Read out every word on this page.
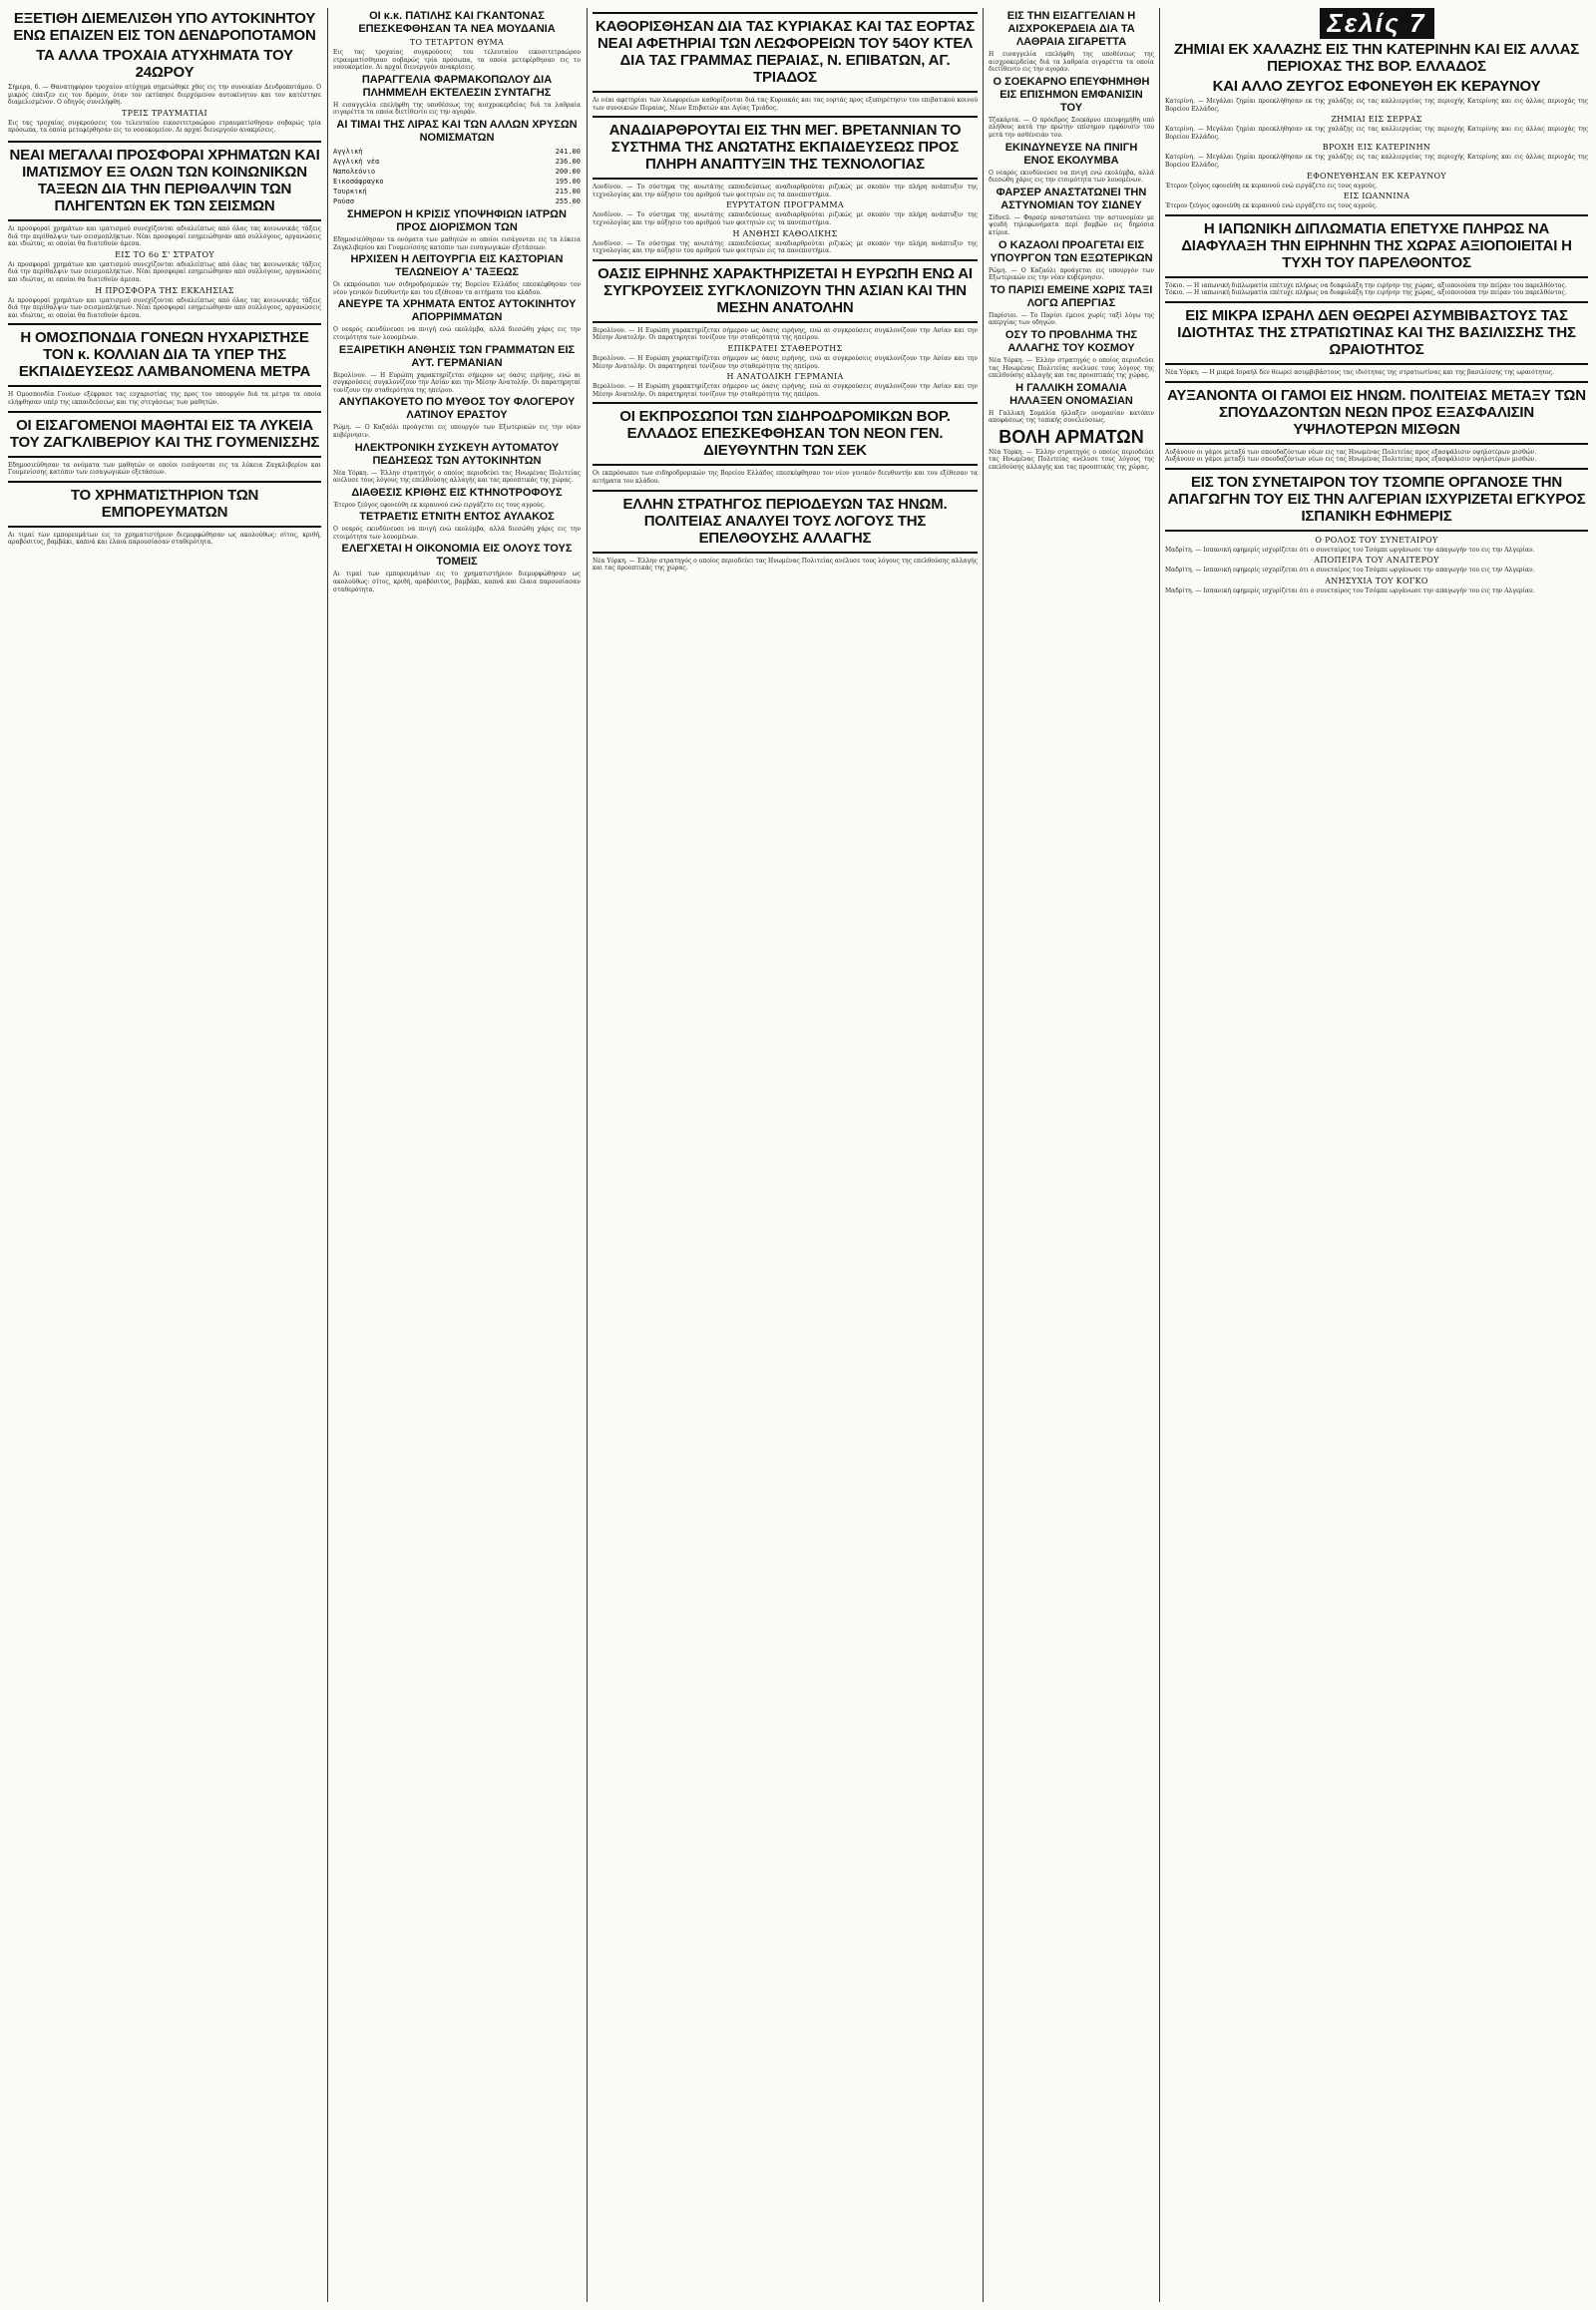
ΕΞΕΤΙΘΗ ΔΙΕΜΕΛΙΣΘΗ ΥΠΟ ΑΥΤΟΚΙΝΗΤΟΥ ΕΝΩ ΕΠΑΙΖΕΝ ΕΙΣ ΤΟΝ ΔΕΝΔΡΟΠΟΤΑΜΟΝ
ΤΑ ΑΛΛΑ ΤΡΟΧΑΙΑ ΑΤΥΧΗΜΑΤΑ ΤΟΥ 24ΩΡΟΥ

Σήμερα, 6. — Θανατηφόρον τροχαίον ατύχημα σημειώθηκε χθες εις την συνοικίαν Δενδροποτάμου. Ο μικρός έπαιζεν εις τον δρόμον, όταν τον εκτύπησε διερχόμενον αυτοκίνητον και τον κατέστησε διαμελισμένον. Ο οδηγός συνελήφθη.

ΤΡΕΙΣ ΤΡΑΥΜΑΤΙΑΙ

Εις τας τροχαίας συγκρούσεις του τελευταίου εικοσιτετραώρου ετραυματίσθησαν σοβαρώς τρία πρόσωπα, τα οποία μετεφέρθησαν εις το νοσοκομείον. Αι αρχαί διενεργούν ανακρίσεις.

ΝΕΑΙ ΜΕΓΑΛΑΙ ΠΡΟΣΦΟΡΑΙ ΧΡΗΜΑΤΩΝ ΚΑΙ ΙΜΑΤΙΣΜΟΥ ΕΞ ΟΛΩΝ ΤΩΝ ΚΟΙΝΩΝΙΚΩΝ ΤΑΞΕΩΝ ΔΙΑ ΤΗΝ ΠΕΡΙΘΑΛΨΙΝ ΤΩΝ ΠΛΗΓΕΝΤΩΝ ΕΚ ΤΩΝ ΣΕΙΣΜΩΝ

Αι προσφοραί χρημάτων και ιματισμού συνεχίζονται αδιαλείπτως από όλας τας κοινωνικάς τάξεις διά την περίθαλψιν των σεισμοπλήκτων. Νέαι προσφοραί εσημειώθησαν από συλλόγους, οργανώσεις και ιδιώτας, αι οποίαι θα διατεθούν άμεσα.

ΕΙΣ ΤΟ 6ο Σ' ΣΤΡΑΤΟΥ

Αι προσφοραί χρημάτων και ιματισμού συνεχίζονται αδιαλείπτως από όλας τας κοινωνικάς τάξεις διά την περίθαλψιν των σεισμοπλήκτων. Νέαι προσφοραί εσημειώθησαν από συλλόγους, οργανώσεις και ιδιώτας, αι οποίαι θα διατεθούν άμεσα.

Η ΠΡΟΣΦΟΡΑ ΤΗΣ ΕΚΚΛΗΣΙΑΣ

Αι προσφοραί χρημάτων και ιματισμού συνεχίζονται αδιαλείπτως από όλας τας κοινωνικάς τάξεις διά την περίθαλψιν των σεισμοπλήκτων. Νέαι προσφοραί εσημειώθησαν από συλλόγους, οργανώσεις και ιδιώτας, αι οποίαι θα διατεθούν άμεσα.

Η ΟΜΟΣΠΟΝΔΙΑ ΓΟΝΕΩΝ ΗΥΧΑΡΙΣΤΗΣΕ ΤΟΝ κ. ΚΟΛΛΙΑΝ ΔΙΑ ΤΑ ΥΠΕΡ ΤΗΣ ΕΚΠΑΙΔΕΥΣΕΩΣ ΛΑΜΒΑΝΟΜΕΝΑ ΜΕΤΡΑ

Η Ομοσπονδία Γονέων εξέφρασε τας ευχαριστίας της προς τον υπουργόν διά τα μέτρα τα οποία ελήφθησαν υπέρ της εκπαιδεύσεως και της στεγάσεως των μαθητών.

ΟΙ ΕΙΣΑΓΟΜΕΝΟΙ ΜΑΘΗΤΑΙ ΕΙΣ ΤΑ ΛΥΚΕΙΑ ΤΟΥ ΖΑΓΚΛΙΒΕΡΙΟΥ ΚΑΙ ΤΗΣ ΓΟΥΜΕΝΙΣΣΗΣ

Εδημοσιεύθησαν τα ονόματα των μαθητών οι οποίοι εισάγονται εις τα λύκεια Ζαγκλιβερίου και Γουμενίσσης κατόπιν των εισαγωγικών εξετάσεων.

ΤΟ ΧΡΗΜΑΤΙΣΤΗΡΙΟΝ ΤΩΝ ΕΜΠΟΡΕΥΜΑΤΩΝ

Αι τιμαί των εμπορευμάτων εις το χρηματιστήριον διεμορφώθησαν ως ακολούθως: σίτος, κριθή, αραβόσιτος, βαμβάκι, καπνά και έλαια παρουσίασαν σταθερότητα.

ΟΙ κ.κ. ΠΑΤΙΛΗΣ ΚΑΙ ΓΚΑΝΤΟΝΑΣ ΕΠΕΣΚΕΦΘΗΣΑΝ ΤΑ ΝΕΑ ΜΟΥΔΑΝΙΑ
ΤΟ ΤΕΤΑΡΤΟΝ ΘΥΜΑ

Εις τας τροχαίας συγκρούσεις του τελευταίου εικοσιτετραώρου ετραυματίσθησαν σοβαρώς τρία πρόσωπα, τα οποία μετεφέρθησαν εις το νοσοκομείον. Αι αρχαί διενεργούν ανακρίσεις.

ΠΑΡΑΓΓΕΛΙΑ ΦΑΡΜΑΚΟΠΩΛΟΥ ΔΙΑ ΠΛΗΜΜΕΛΗ ΕΚΤΕΛΕΣΙΝ ΣΥΝΤΑΓΗΣ

Η εισαγγελία επελήφθη της υποθέσεως της αισχροκερδείας διά τα λαθραία σιγαρέττα τα οποία διετίθεντο εις την αγοράν.

ΑΙ ΤΙΜΑΙ ΤΗΣ ΛΙΡΑΣ ΚΑΙ ΤΩΝ ΑΛΛΩΝ ΧΡΥΣΩΝ ΝΟΜΙΣΜΑΤΩΝ
Αγγλική	241.00
Αγγλική νέα	236.00
Ναπολεόνιο	200.00
Εικοσάφραγκο	195.00
Τουρκική	215.00
Ρούσσ	255.00
ΣΗΜΕΡΟΝ Η ΚΡΙΣΙΣ ΥΠΟΨΗΦΙΩΝ ΙΑΤΡΩΝ ΠΡΟΣ ΔΙΟΡΙΣΜΟΝ ΤΩΝ

Εδημοσιεύθησαν τα ονόματα των μαθητών οι οποίοι εισάγονται εις τα λύκεια Ζαγκλιβερίου και Γουμενίσσης κατόπιν των εισαγωγικών εξετάσεων.

ΗΡΧΙΣΕΝ Η ΛΕΙΤΟΥΡΓΙΑ ΕΙΣ ΚΑΣΤΟΡΙΑΝ ΤΕΛΩΝΕΙΟΥ Α' ΤΑΞΕΩΣ

Οι εκπρόσωποι των σιδηροδρομικών της Βορείου Ελλάδος επεσκέφθησαν τον νέον γενικόν διευθυντήν και του εξέθεσαν τα αιτήματα του κλάδου.

ΑΝΕΥΡΕ ΤΑ ΧΡΗΜΑΤΑ ΕΝΤΟΣ ΑΥΤΟΚΙΝΗΤΟΥ ΑΠΟΡΡΙΜΜΑΤΩΝ

Ο νεαρός εκινδύνευσε να πνιγή ενώ εκολύμβα, αλλά διεσώθη χάρις εις την ετοιμότητα των λουομένων.

ΕΞΑΙΡΕΤΙΚΗ ΑΝΘΗΣΙΣ ΤΩΝ ΓΡΑΜΜΑΤΩΝ ΕΙΣ ΑΥΤ. ΓΕΡΜΑΝΙΑΝ

Βερολίνον. — Η Ευρώπη χαρακτηρίζεται σήμερον ως όασις ειρήνης, ενώ αι συγκρούσεις συγκλονίζουν την Ασίαν και την Μέσην Ανατολήν. Οι παρατηρηταί τονίζουν την σταθερότητα της ηπείρου.

ΑΝΥΠΑΚΟΥΕΤΟ ΠΟ ΜΥΘΟΣ ΤΟΥ ΦΛΟΓΕΡΟΥ ΛΑΤΙΝΟΥ ΕΡΑΣΤΟΥ

Ρώμη. — Ο Καζαόλι προάγεται εις υπουργόν των Εξωτερικών εις την νέαν κυβέρνησιν.

ΗΛΕΚΤΡΟΝΙΚΗ ΣΥΣΚΕΥΗ ΑΥΤΟΜΑΤΟΥ ΠΕΔΗΣΕΩΣ ΤΩΝ ΑΥΤΟΚΙΝΗΤΩΝ

Νέα Υόρκη. — Έλλην στρατηγός ο οποίος περιοδεύει τας Ηνωμένας Πολιτείας ανέλυσε τους λόγους της επελθούσης αλλαγής και τας προοπτικάς της χώρας.

ΔΙΑΘΕΣΙΣ ΚΡΙΘΗΣ ΕΙΣ ΚΤΗΝΟΤΡΟΦΟΥΣ

Έτερον ζεύγος εφονεύθη εκ κεραυνού ενώ ειργάζετο εις τους αγρούς.

ΤΕΤΡΑΕΤΙΣ ΕΤΝΙΤΗ ΕΝΤΟΣ ΑΥΛΑΚΟΣ

Ο νεαρός εκινδύνευσε να πνιγή ενώ εκολύμβα, αλλά διεσώθη χάρις εις την ετοιμότητα των λουομένων.

ΕΛΕΓΧΕΤΑΙ Η ΟΙΚΟΝΟΜΙΑ ΕΙΣ ΟΛΟΥΣ ΤΟΥΣ ΤΟΜΕΙΣ

Αι τιμαί των εμπορευμάτων εις το χρηματιστήριον διεμορφώθησαν ως ακολούθως: σίτος, κριθή, αραβόσιτος, βαμβάκι, καπνά και έλαια παρουσίασαν σταθερότητα.

ΚΑΘΟΡΙΣΘΗΣΑΝ ΔΙΑ ΤΑΣ ΚΥΡΙΑΚΑΣ ΚΑΙ ΤΑΣ ΕΟΡΤΑΣ ΝΕΑΙ ΑΦΕΤΗΡΙΑΙ ΤΩΝ ΛΕΩΦΟΡΕΙΩΝ ΤΟΥ 54ΟΥ ΚΤΕΛ ΔΙΑ ΤΑΣ ΓΡΑΜΜΑΣ ΠΕΡΑΙΑΣ, Ν. ΕΠΙΒΑΤΩΝ, ΑΓ. ΤΡΙΑΔΟΣ

Αι νέαι αφετηρίαι των λεωφορείων καθορίζονται διά τας Κυριακάς και τας εορτάς προς εξυπηρέτησιν του επιβατικού κοινού των συνοικιών Περαίας, Νέων Επιβατών και Αγίας Τριάδος.

ΑΝΑΔΙΑΡΘΡΟΥΤΑΙ ΕΙΣ ΤΗΝ ΜΕΓ. ΒΡΕΤΑΝΝΙΑΝ ΤΟ ΣΥΣΤΗΜΑ ΤΗΣ ΑΝΩΤΑΤΗΣ ΕΚΠΑΙΔΕΥΣΕΩΣ ΠΡΟΣ ΠΛΗΡΗ ΑΝΑΠΤΥΞΙΝ ΤΗΣ ΤΕΧΝΟΛΟΓΙΑΣ

Λονδίνον. — Το σύστημα της ανωτάτης εκπαιδεύσεως αναδιαρθρούται ριζικώς με σκοπόν την πλήρη ανάπτυξιν της τεχνολογίας και την αύξησιν του αριθμού των φοιτητών εις τα πανεπιστήμια.

ΕΥΡΥΤΑΤΟΝ ΠΡΟΓΡΑΜΜΑ

Λονδίνον. — Το σύστημα της ανωτάτης εκπαιδεύσεως αναδιαρθρούται ριζικώς με σκοπόν την πλήρη ανάπτυξιν της τεχνολογίας και την αύξησιν του αριθμού των φοιτητών εις τα πανεπιστήμια.

Η ΑΝΘΗΣΙ ΚΑΘΟΛΙΚΗΣ

Λονδίνον. — Το σύστημα της ανωτάτης εκπαιδεύσεως αναδιαρθρούται ριζικώς με σκοπόν την πλήρη ανάπτυξιν της τεχνολογίας και την αύξησιν του αριθμού των φοιτητών εις τα πανεπιστήμια.

ΟΑΣΙΣ ΕΙΡΗΝΗΣ ΧΑΡΑΚΤΗΡΙΖΕΤΑΙ Η ΕΥΡΩΠΗ ΕΝΩ ΑΙ ΣΥΓΚΡΟΥΣΕΙΣ ΣΥΓΚΛΟΝΙΖΟΥΝ ΤΗΝ ΑΣΙΑΝ ΚΑΙ ΤΗΝ ΜΕΣΗΝ ΑΝΑΤΟΛΗΝ

Βερολίνον. — Η Ευρώπη χαρακτηρίζεται σήμερον ως όασις ειρήνης, ενώ αι συγκρούσεις συγκλονίζουν την Ασίαν και την Μέσην Ανατολήν. Οι παρατηρηταί τονίζουν την σταθερότητα της ηπείρου.

ΕΠΙΚΡΑΤΕΙ ΣΤΑΘΕΡΟΤΗΣ

Βερολίνον. — Η Ευρώπη χαρακτηρίζεται σήμερον ως όασις ειρήνης, ενώ αι συγκρούσεις συγκλονίζουν την Ασίαν και την Μέσην Ανατολήν. Οι παρατηρηταί τονίζουν την σταθερότητα της ηπείρου.

Η ΑΝΑΤΟΛΙΚΗ ΓΕΡΜΑΝΙΑ

Βερολίνον. — Η Ευρώπη χαρακτηρίζεται σήμερον ως όασις ειρήνης, ενώ αι συγκρούσεις συγκλονίζουν την Ασίαν και την Μέσην Ανατολήν. Οι παρατηρηταί τονίζουν την σταθερότητα της ηπείρου.

ΟΙ ΕΚΠΡΟΣΩΠΟΙ ΤΩΝ ΣΙΔΗΡΟΔΡΟΜΙΚΩΝ ΒΟΡ. ΕΛΛΑΔΟΣ ΕΠΕΣΚΕΦΘΗΣΑΝ ΤΟΝ ΝΕΟΝ ΓΕΝ. ΔΙΕΥΘΥΝΤΗΝ ΤΩΝ ΣΕΚ

Οι εκπρόσωποι των σιδηροδρομικών της Βορείου Ελλάδος επεσκέφθησαν τον νέον γενικόν διευθυντήν και του εξέθεσαν τα αιτήματα του κλάδου.

ΕΛΛΗΝ ΣΤΡΑΤΗΓΟΣ ΠΕΡΙΟΔΕΥΩΝ ΤΑΣ ΗΝΩΜ. ΠΟΛΙΤΕΙΑΣ ΑΝΑΛΥΕΙ ΤΟΥΣ ΛΟΓΟΥΣ ΤΗΣ ΕΠΕΛΘΟΥΣΗΣ ΑΛΛΑΓΗΣ

Νέα Υόρκη. — Έλλην στρατηγός ο οποίος περιοδεύει τας Ηνωμένας Πολιτείας ανέλυσε τους λόγους της επελθούσης αλλαγής και τας προοπτικάς της χώρας.

ΕΙΣ ΤΗΝ ΕΙΣΑΓΓΕΛΙΑΝ Η ΑΙΣΧΡΟΚΕΡΔΕΙΑ ΔΙΑ ΤΑ ΛΑΘΡΑΙΑ ΣΙΓΑΡΕΤΤΑ

Η εισαγγελία επελήφθη της υποθέσεως της αισχροκερδείας διά τα λαθραία σιγαρέττα τα οποία διετίθεντο εις την αγοράν.

Ο ΣΟΕΚΑΡΝΟ ΕΠΕΥΦΗΜΗΘΗ ΕΙΣ ΕΠΙΣΗΜΟΝ ΕΜΦΑΝΙΣΙΝ ΤΟΥ

Τζακάρτα. — Ο πρόεδρος Σοεκάρνο επευφημήθη υπό πλήθους κατά την πρώτην επίσημον εμφάνισίν του μετά την ασθένειάν του.

ΕΚΙΝΔΥΝΕΥΣΕ ΝΑ ΠΝΙΓΗ ΕΝΟΣ ΕΚΟΛΥΜΒΑ

Ο νεαρός εκινδύνευσε να πνιγή ενώ εκολύμβα, αλλά διεσώθη χάρις εις την ετοιμότητα των λουομένων.

ΦΑΡΣΕΡ ΑΝΑΣΤΑΤΩΝΕΙ ΤΗΝ ΑΣΤΥΝΟΜΙΑΝ ΤΟΥ ΣΙΔΝΕΥ

Σίδνεϋ. — Φαρσέρ αναστατώνει την αστυνομίαν με ψευδή τηλεφωνήματα περί βομβών εις δημόσια κτίρια.

Ο ΚΑΖΑΟΛΙ ΠΡΟΑΓΕΤΑΙ ΕΙΣ ΥΠΟΥΡΓΟΝ ΤΩΝ ΕΞΩΤΕΡΙΚΩΝ

Ρώμη. — Ο Καζαόλι προάγεται εις υπουργόν των Εξωτερικών εις την νέαν κυβέρνησιν.

ΤΟ ΠΑΡΙΣΙ ΕΜΕΙΝΕ ΧΩΡΙΣ ΤΑΞΙ ΛΟΓΩ ΑΠΕΡΓΙΑΣ

Παρίσιοι. — Το Παρίσι έμεινε χωρίς ταξί λόγω της απεργίας των οδηγών.

ΟΣΥ ΤΟ ΠΡΟΒΛΗΜΑ ΤΗΣ ΑΛΛΑΓΗΣ ΤΟΥ ΚΟΣΜΟΥ

Νέα Υόρκη. — Έλλην στρατηγός ο οποίος περιοδεύει τας Ηνωμένας Πολιτείας ανέλυσε τους λόγους της επελθούσης αλλαγής και τας προοπτικάς της χώρας.

Η ΓΑΛΛΙΚΗ ΣΟΜΑΛΙΑ ΗΛΛΑΞΕΝ ΟΝΟΜΑΣΙΑΝ

Η Γαλλική Σομαλία ήλλαξεν ονομασίαν κατόπιν αποφάσεως της τοπικής συνελεύσεως.

ΒΟΛΗ ΑΡΜΑΤΩΝ

Νέα Υόρκη. — Έλλην στρατηγός ο οποίος περιοδεύει τας Ηνωμένας Πολιτείας ανέλυσε τους λόγους της επελθούσης αλλαγής και τας προοπτικάς της χώρας.

Σελίς 7
ΖΗΜΙΑΙ ΕΚ ΧΑΛΑΖΗΣ ΕΙΣ ΤΗΝ ΚΑΤΕΡΙΝΗΝ ΚΑΙ ΕΙΣ ΑΛΛΑΣ ΠΕΡΙΟΧΑΣ ΤΗΣ ΒΟΡ. ΕΛΛΑΔΟΣ
ΚΑΙ ΑΛΛΟ ΖΕΥΓΟΣ ΕΦΟΝΕΥΘΗ ΕΚ ΚΕΡΑΥΝΟΥ

Κατερίνη. — Μεγάλαι ζημίαι προεκλήθησαν εκ της χαλάζης εις τας καλλιεργείας της περιοχής Κατερίνης και εις άλλας περιοχάς της Βορείου Ελλάδος.

ΖΗΜΙΑΙ ΕΙΣ ΣΕΡΡΑΣ

Κατερίνη. — Μεγάλαι ζημίαι προεκλήθησαν εκ της χαλάζης εις τας καλλιεργείας της περιοχής Κατερίνης και εις άλλας περιοχάς της Βορείου Ελλάδος.

ΒΡΟΧΗ ΕΙΣ ΚΑΤΕΡΙΝΗΝ

Κατερίνη. — Μεγάλαι ζημίαι προεκλήθησαν εκ της χαλάζης εις τας καλλιεργείας της περιοχής Κατερίνης και εις άλλας περιοχάς της Βορείου Ελλάδος.

ΕΦΟΝΕΥΘΗΣΑΝ ΕΚ ΚΕΡΑΥΝΟΥ

Έτερον ζεύγος εφονεύθη εκ κεραυνού ενώ ειργάζετο εις τους αγρούς.

ΕΙΣ ΙΩΑΝΝΙΝΑ

Έτερον ζεύγος εφονεύθη εκ κεραυνού ενώ ειργάζετο εις τους αγρούς.

Η ΙΑΠΩΝΙΚΗ ΔΙΠΛΩΜΑΤΙΑ ΕΠΕΤΥΧΕ ΠΛΗΡΩΣ ΝΑ ΔΙΑΦΥΛΑΞΗ ΤΗΝ ΕΙΡΗΝΗΝ ΤΗΣ ΧΩΡΑΣ ΑΞΙΟΠΟΙΕΙΤΑΙ Η ΤΥΧΗ ΤΟΥ ΠΑΡΕΛΘΟΝΤΟΣ

Τόκιο. — Η ιαπωνική διπλωματία επέτυχε πλήρως να διαφυλάξη την ειρήνην της χώρας, αξιοποιούσα την πείραν του παρελθόντος.

Τόκιο. — Η ιαπωνική διπλωματία επέτυχε πλήρως να διαφυλάξη την ειρήνην της χώρας, αξιοποιούσα την πείραν του παρελθόντος.

ΕΙΣ ΜΙΚΡΑ ΙΣΡΑΗΛ ΔΕΝ ΘΕΩΡΕΙ ΑΣΥΜΒΙΒΑΣΤΟΥΣ ΤΑΣ ΙΔΙΟΤΗΤΑΣ ΤΗΣ ΣΤΡΑΤΙΩΤΙΝΑΣ ΚΑΙ ΤΗΣ ΒΑΣΙΛΙΣΣΗΣ ΤΗΣ ΩΡΑΙΟΤΗΤΟΣ

Νέα Υόρκη. — Η μικρά Ισραήλ δεν θεωρεί ασυμβιβάστους τας ιδιότητας της στρατιωτίνας και της βασιλίσσης της ωραιότητος.

ΑΥΞΑΝΟΝΤΑ ΟΙ ΓΑΜΟΙ ΕΙΣ ΗΝΩΜ. ΠΟΛΙΤΕΙΑΣ ΜΕΤΑΞΥ ΤΩΝ ΣΠΟΥΔΑΖΟΝΤΩΝ ΝΕΩΝ ΠΡΟΣ ΕΞΑΣΦΑΛΙΣΙΝ ΥΨΗΛΟΤΕΡΩΝ ΜΙΣΘΩΝ

Αυξάνουν οι γάμοι μεταξύ των σπουδαζόντων νέων εις τας Ηνωμένας Πολιτείας προς εξασφάλισιν υψηλοτέρων μισθών.

Αυξάνουν οι γάμοι μεταξύ των σπουδαζόντων νέων εις τας Ηνωμένας Πολιτείας προς εξασφάλισιν υψηλοτέρων μισθών.

ΕΙΣ ΤΟΝ ΣΥΝΕΤΑΙΡΟΝ ΤΟΥ ΤΣΟΜΠΕ ΟΡΓΑΝΟΣΕ ΤΗΝ ΑΠΑΓΩΓΗΝ ΤΟΥ ΕΙΣ ΤΗΝ ΑΛΓΕΡΙΑΝ ΙΣΧΥΡΙΖΕΤΑΙ ΕΓΚΥΡΟΣ ΙΣΠΑΝΙΚΗ ΕΦΗΜΕΡΙΣ
Ο ΡΟΛΟΣ ΤΟΥ ΣΥΝΕΤΑΙΡΟΥ

Μαδρίτη. — Ισπανική εφημερίς ισχυρίζεται ότι ο συνεταίρος του Τσόμπε ωργάνωσε την απαγωγήν του εις την Αλγερίαν.

ΑΠΟΠΕΙΡΑ ΤΟΥ ΑΝΑΙΤΕΡΟΥ

Μαδρίτη. — Ισπανική εφημερίς ισχυρίζεται ότι ο συνεταίρος του Τσόμπε ωργάνωσε την απαγωγήν του εις την Αλγερίαν.

ΑΝΗΣΥΧΙΑ ΤΟΥ ΚΟΓΚΟ

Μαδρίτη. — Ισπανική εφημερίς ισχυρίζεται ότι ο συνεταίρος του Τσόμπε ωργάνωσε την απαγωγήν του εις την Αλγερίαν.
